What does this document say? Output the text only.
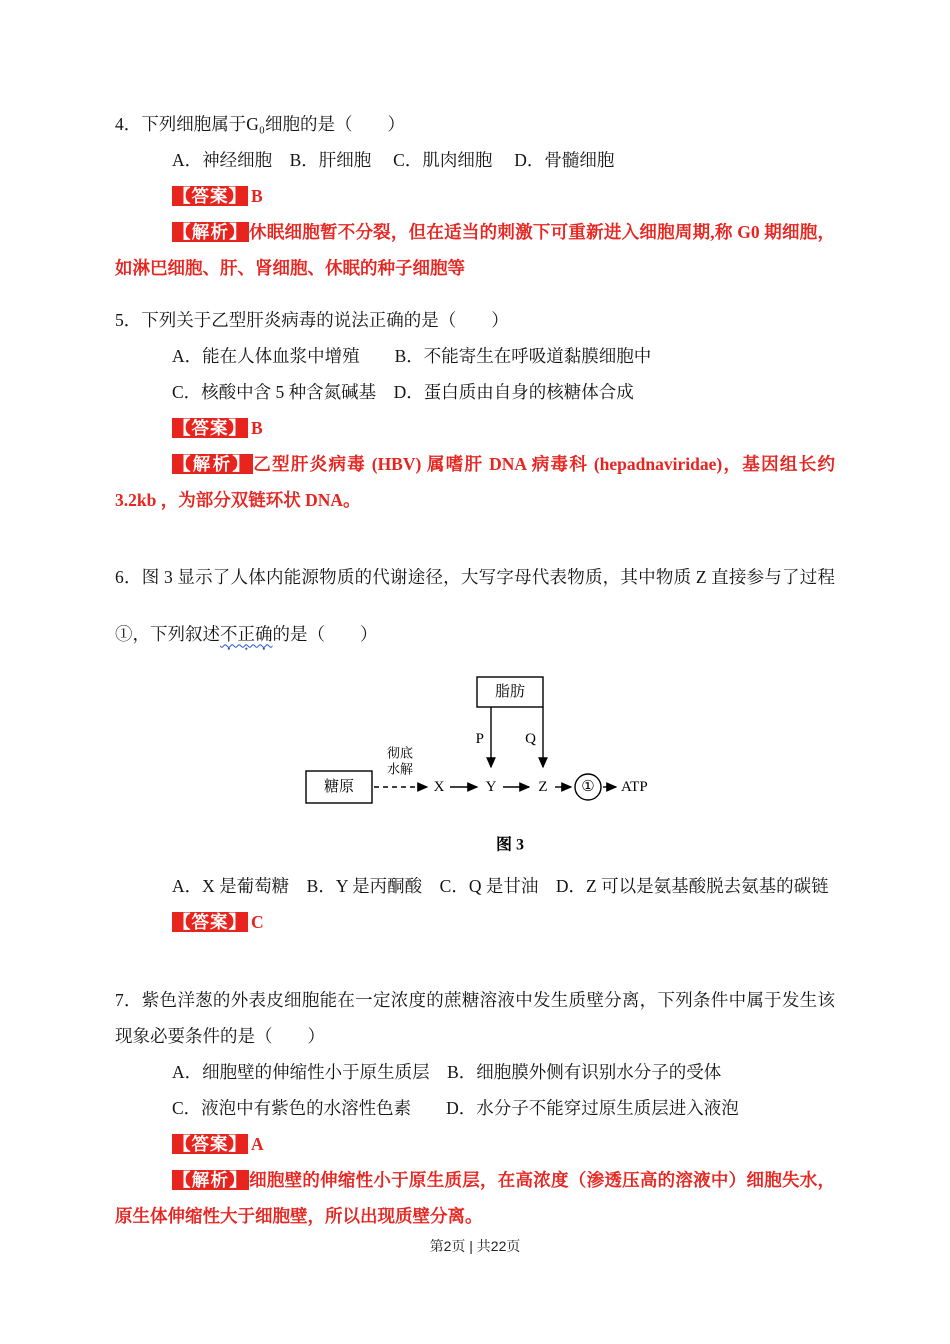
4．下列细胞属于G₀细胞的是（　　）

A．神经细胞　B．肝细胞　 C．肌肉细胞　 D．骨髓细胞

【答案】 B

【解析】休眠细胞暂不分裂，但在适当的刺激下可重新进入细胞周期,称 G0 期细胞， 如淋巴细胞、肝、肾细胞、休眠的种子细胞等

5．下列关于乙型肝炎病毒的说法正确的是（　　）

A．能在人体血浆中增殖　　B．不能寄生在呼吸道黏膜细胞中

C．核酸中含 5 种含氮碱基　D．蛋白质由自身的核糖体合成

【答案】 B

【解析】乙型肝炎病毒 (HBV) 属嗜肝 DNA 病毒科 (hepadnaviridae)，基因组长约 3.2kb ，为部分双链环状 DNA。

6．图 3 显示了人体内能源物质的代谢途径，大写字母代表物质，其中物质 Z 直接参与了过程①，下列叙述不正确的是（　　）

脂肪
P	Q
糖原
彻底
水解
X	Y	Z ① ATP
图 3

A．X 是葡萄糖　B．Y 是丙酮酸　C．Q 是甘油　D．Z 可以是氨基酸脱去氨基的碳链

【答案】 C

7．紫色洋葱的外表皮细胞能在一定浓度的蔗糖溶液中发生质壁分离，下列条件中属于发生该现象必要条件的是（　　）

A．细胞壁的伸缩性小于原生质层　B．细胞膜外侧有识别水分子的受体

C．液泡中有紫色的水溶性色素　　D．水分子不能穿过原生质层进入液泡

【答案】 A

【解析】细胞壁的伸缩性小于原生质层，在高浓度（渗透压高的溶液中）细胞失水，原生体伸缩性大于细胞壁，所以出现质壁分离。

第2页 | 共22页
